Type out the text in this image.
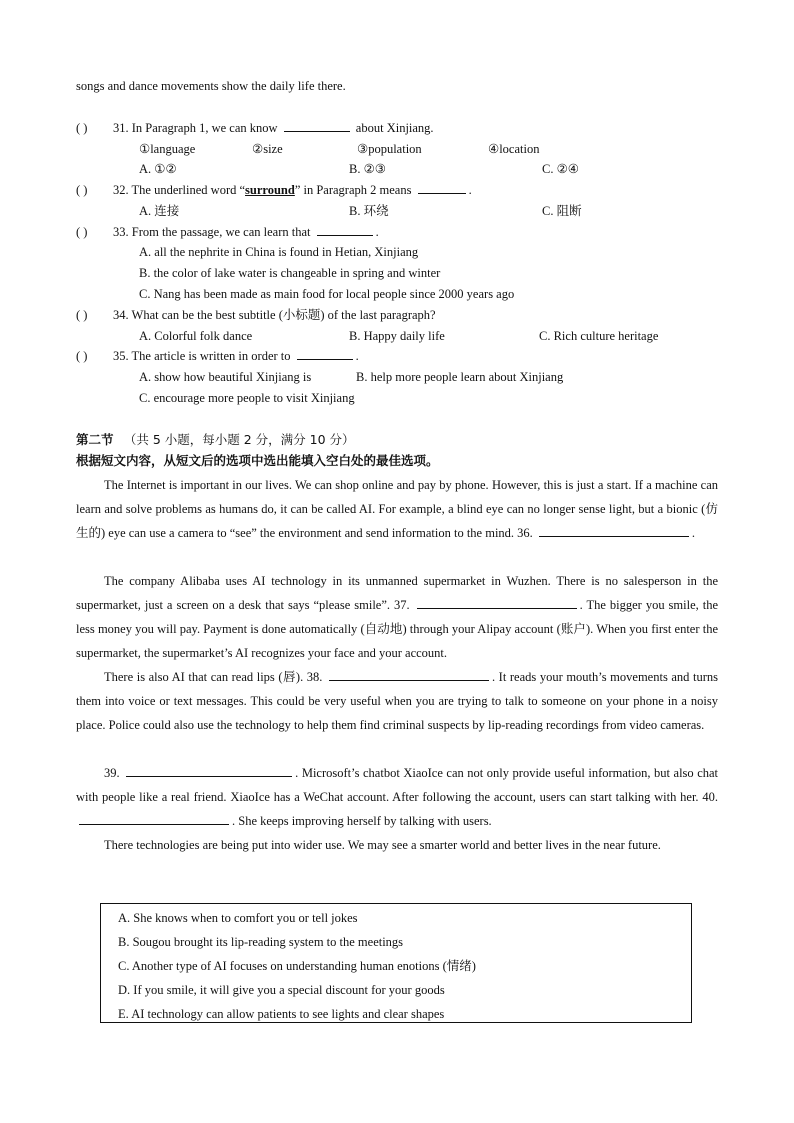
songs and dance movements show the daily life there.
( ) 31. In Paragraph 1, we can know	about Xinjiang.
①language	②size	③population	④location
A. ①②	B. ②③	C. ②④
( ) 32. The underlined word “surround” in Paragraph 2 means	.
A. 连接	B. 环绕	C. 阻断
( ) 33. From the passage, we can learn that	.
A. all the nephrite in China is found in Hetian, Xinjiang
B. the color of lake water is changeable in spring and winter
C. Nang has been made as main food for local people since 2000 years ago
( ) 34. What can be the best subtitle (小标题) of the last paragraph?
A. Colorful folk dance	B. Happy daily life	C. Rich culture heritage
( ) 35. The article is written in order to	.
A. show how beautiful Xinjiang is	B. help more people learn about Xinjiang
C. encourage more people to visit Xinjiang
第二节 （共 5 小题，每小题 2 分，满分 10 分）
根据短文内容，从短文后的选项中选出能填入空白处的最佳选项。
The Internet is important in our lives. We can shop online and pay by phone. However, this is just a start. If a machine can learn and solve problems as humans do, it can be called AI. For example, a blind eye can no longer sense light, but a bionic (仿生的) eye can use a camera to “see” the environment and send information to the mind. 36.	.
The company Alibaba uses AI technology in its unmanned supermarket in Wuzhen. There is no salesperson in the supermarket, just a screen on a desk that says “please smile”. 37.	. The bigger you smile, the less money you will pay. Payment is done automatically (自动地) through your Alipay account (账户). When you first enter the supermarket, the supermarket’s AI recognizes your face and your account.
There is also AI that can read lips (唇). 38.	. It reads your mouth’s movements and turns them into voice or text messages. This could be very useful when you are trying to talk to someone on your phone in a noisy place. Police could also use the technology to help them find criminal suspects by lip-reading recordings from video cameras.
39.	. Microsoft’s chatbot XiaoIce can not only provide useful information, but also chat with people like a real friend. XiaoIce has a WeChat account. After following the account, users can start talking with her. 40. . She keeps improving herself by talking with users.
There technologies are being put into wider use. We may see a smarter world and better lives in the near future.
A. She knows when to comfort you or tell jokes
B. Sougou brought its lip-reading system to the meetings
C. Another type of AI focuses on understanding human enotions (情绪)
D. If you smile, it will give you a special discount for your goods
E. AI technology can allow patients to see lights and clear shapes
